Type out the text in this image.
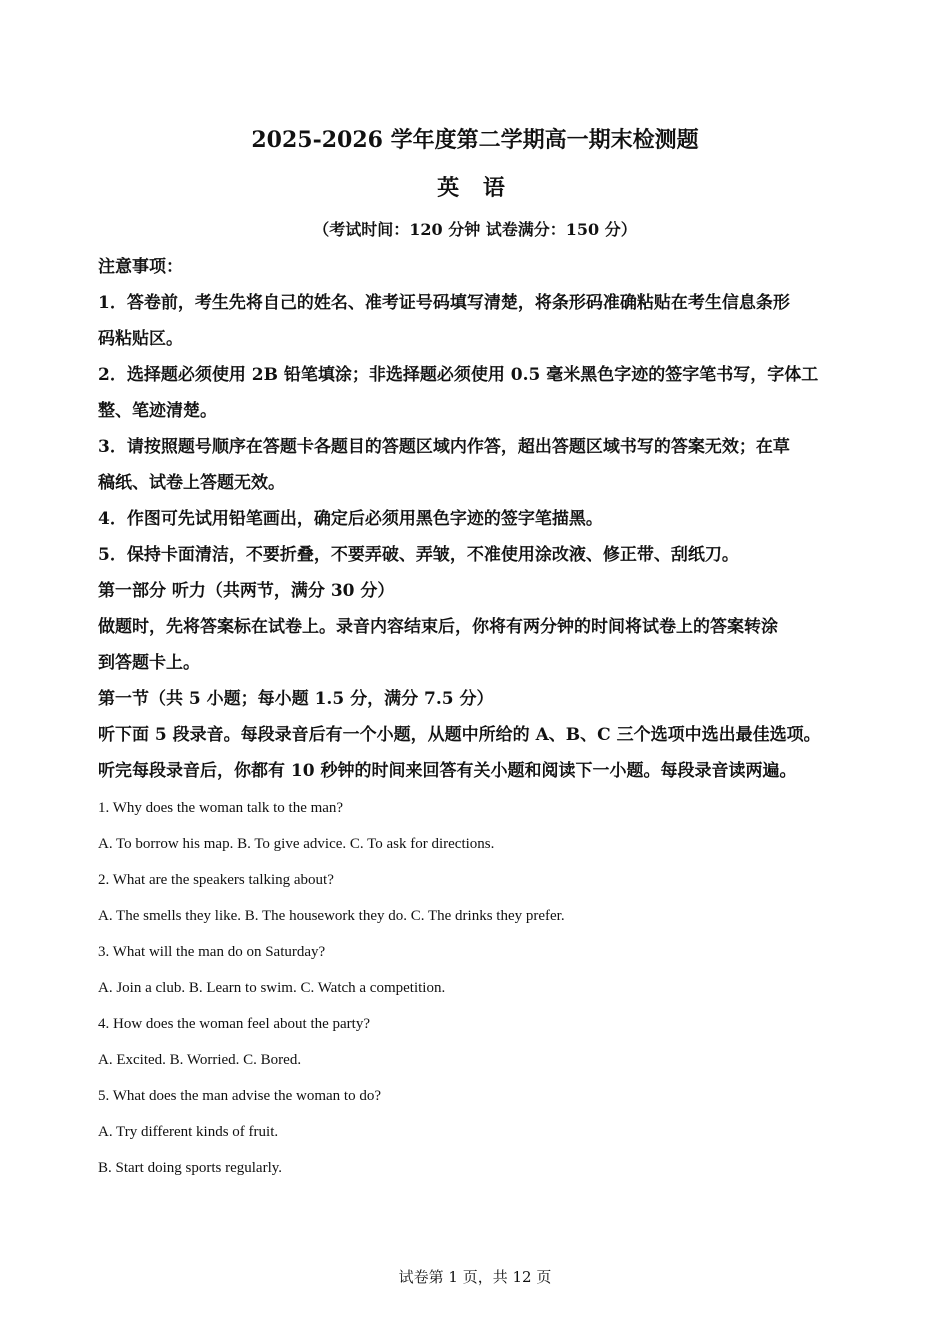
2025-2026 学年度第二学期高一期末检测题
英 语
（考试时间：120 分钟 试卷满分：150 分）
注意事项：
1．答卷前，考生先将自己的姓名、准考证号码填写清楚，将条形码准确粘贴在考生信息条形
码粘贴区。
2．选择题必须使用 2B 铅笔填涂；非选择题必须使用 0.5 毫米黑色字迹的签字笔书写，字体工
整、笔迹清楚。
3．请按照题号顺序在答题卡各题目的答题区域内作答，超出答题区域书写的答案无效；在草
稿纸、试卷上答题无效。
4．作图可先试用铅笔画出，确定后必须用黑色字迹的签字笔描黑。
5．保持卡面清洁，不要折叠，不要弄破、弄皱，不准使用涂改液、修正带、刮纸刀。
第一部分 听力（共两节，满分 30 分）
做题时，先将答案标在试卷上。录音内容结束后，你将有两分钟的时间将试卷上的答案转涂
到答题卡上。
第一节（共 5 小题；每小题 1.5 分，满分 7.5 分）
听下面 5 段录音。每段录音后有一个小题，从题中所给的 A、B、C 三个选项中选出最佳选项。
听完每段录音后，你都有 10 秒钟的时间来回答有关小题和阅读下一小题。每段录音读两遍。
1. Why does the woman talk to the man?
A. To borrow his map. B. To give advice. C. To ask for directions.
2. What are the speakers talking about?
A. The smells they like. B. The housework they do. C. The drinks they prefer.
3. What will the man do on Saturday?
A. Join a club. B. Learn to swim. C. Watch a competition.
4. How does the woman feel about the party?
A. Excited. B. Worried. C. Bored.
5. What does the man advise the woman to do?
A. Try different kinds of fruit.
B. Start doing sports regularly.
试卷第 1 页，共 12 页
